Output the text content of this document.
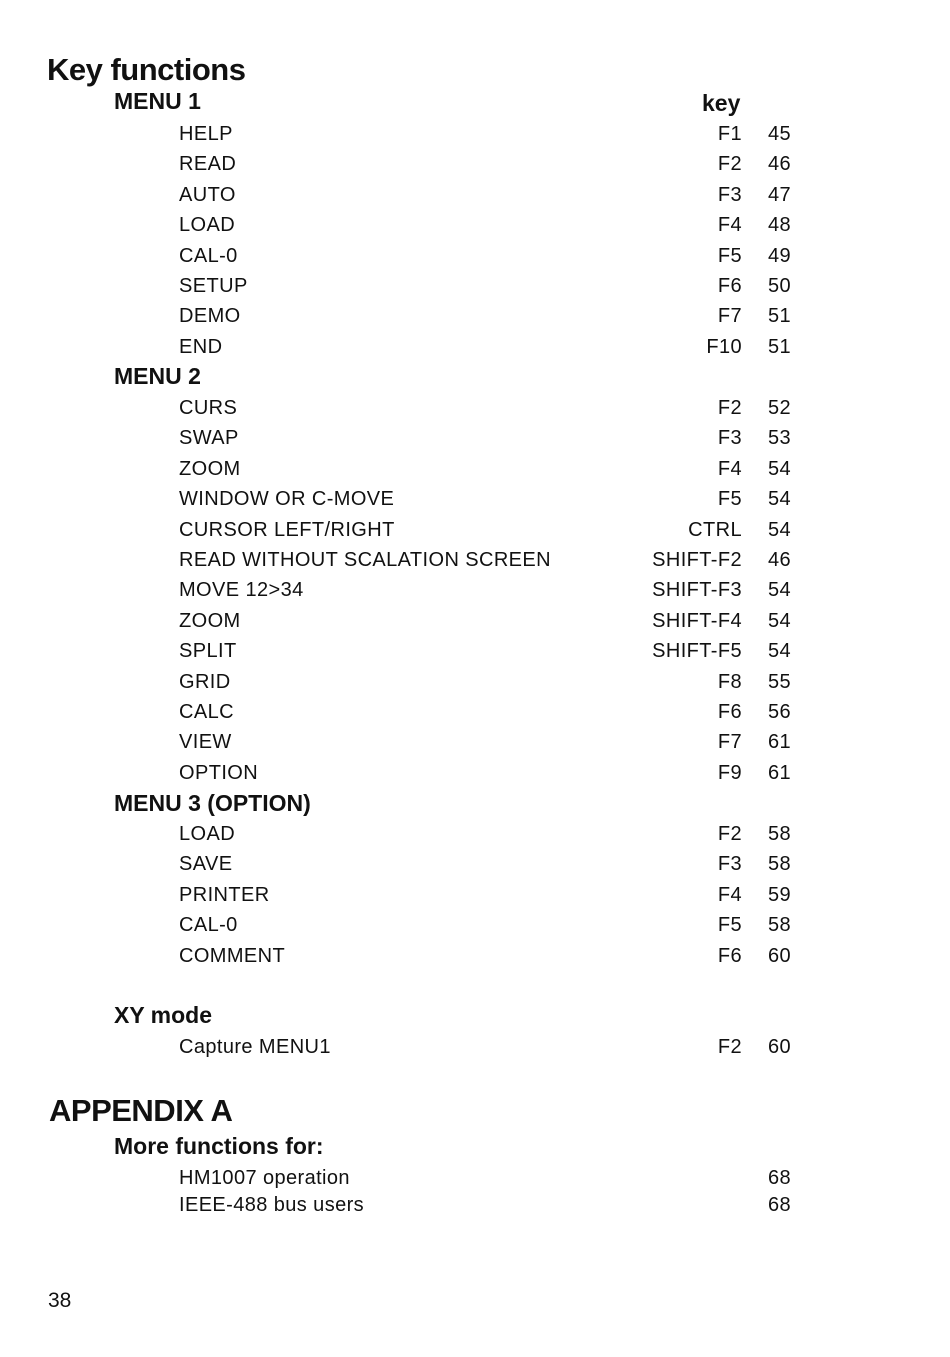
Key functions
MENU 1	key
HELP	F1 45
READ	F2 46
AUTO	F3 47
LOAD	F4 48
CAL-0	F5 49
SETUP	F6 50
DEMO	F7 51
END	F10 51
MENU 2
CURS	F2 52
SWAP	F3 53
ZOOM	F4 54
WINDOW OR C-MOVE	F5 54
CURSOR LEFT/RIGHT	CTRL 54
READ WITHOUT SCALATION SCREEN	SHIFT-F2 46
MOVE 12>34	SHIFT-F3 54
ZOOM	SHIFT-F4 54
SPLIT	SHIFT-F5 54
GRID	F8 55
CALC	F6 56
VIEW	F7 61
OPTION	F9 61
MENU 3 (OPTION)
LOAD	F2 58
SAVE	F3 58
PRINTER	F4 59
CAL-0	F5 58
COMMENT	F6 60
XY mode
Capture MENU1	F2 60
APPENDIX A
More functions for:
HM1007 operation	68
IEEE-488 bus users	68
38
